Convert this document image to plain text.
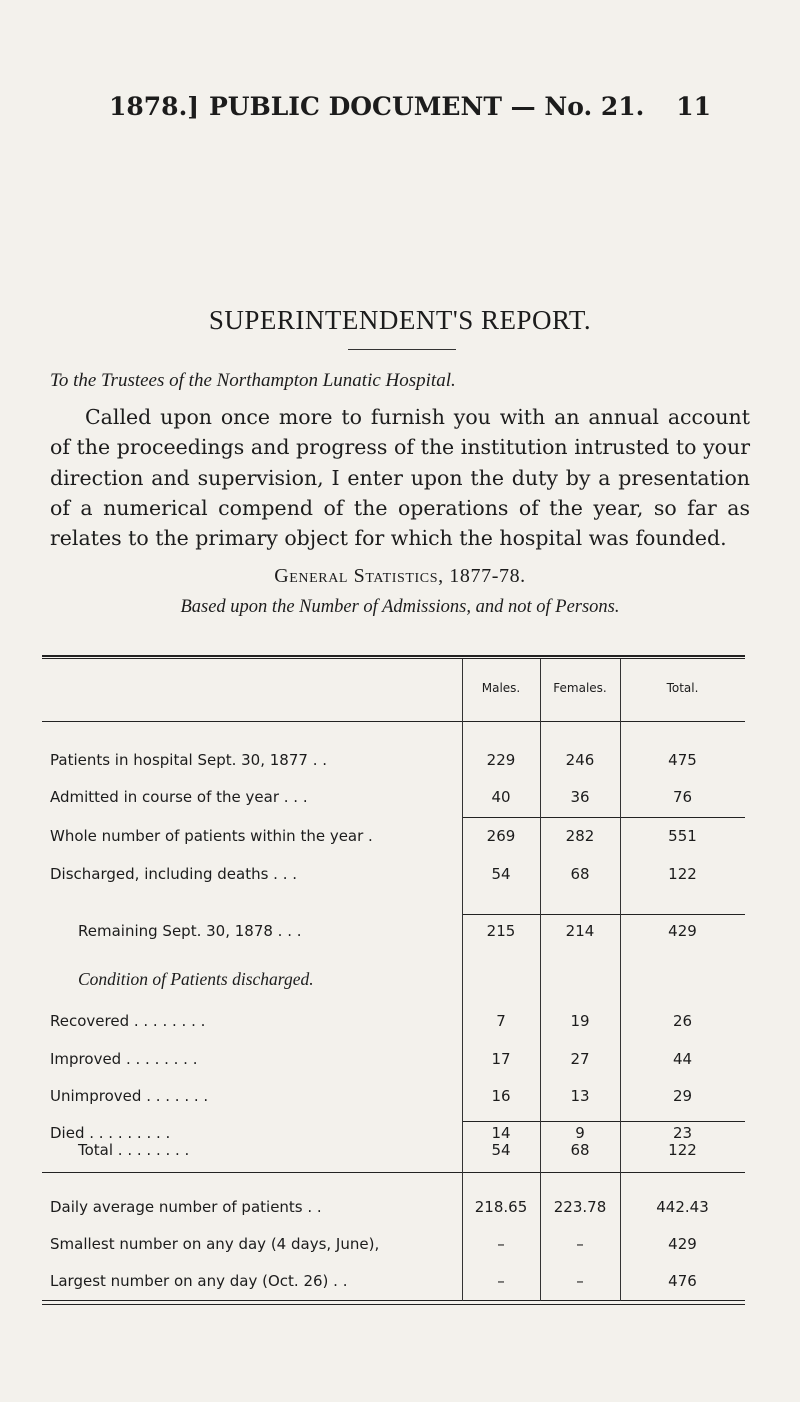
1878.] PUBLIC DOCUMENT — No. 21. 11
SUPERINTENDENT'S REPORT.
To the Trustees of the Northampton Lunatic Hospital.
Called upon once more to furnish you with an annual account of the proceedings and progress of the institution intrusted to your direction and supervision, I enter upon the duty by a presentation of a numerical compend of the operations of the year, so far as relates to the primary object for which the hospital was founded.
General Statistics, 1877-78.
Based upon the Number of Admissions, and not of Persons.
Males.	Females.	Total.
Patients in hospital Sept. 30, 1877 . .	229	246	475
Admitted in course of the year . . .	40	36	76
Whole number of patients within the year .	269	282	551
Discharged, including deaths . . .	54	68	122
Remaining Sept. 30, 1878 . . .	215	214	429
Condition of Patients discharged.
Recovered . . . . . . . .	7	19	26
Improved . . . . . . . .	17	27	44
Unimproved . . . . . . .	16	13	29
Died . . . . . . . . .	14	9	23
Total . . . . . . . .	54	68	122
Daily average number of patients . .	218.65	223.78	442.43
Smallest number on any day (4 days, June),	–	–	429
Largest number on any day (Oct. 26) . .	–	–	476
